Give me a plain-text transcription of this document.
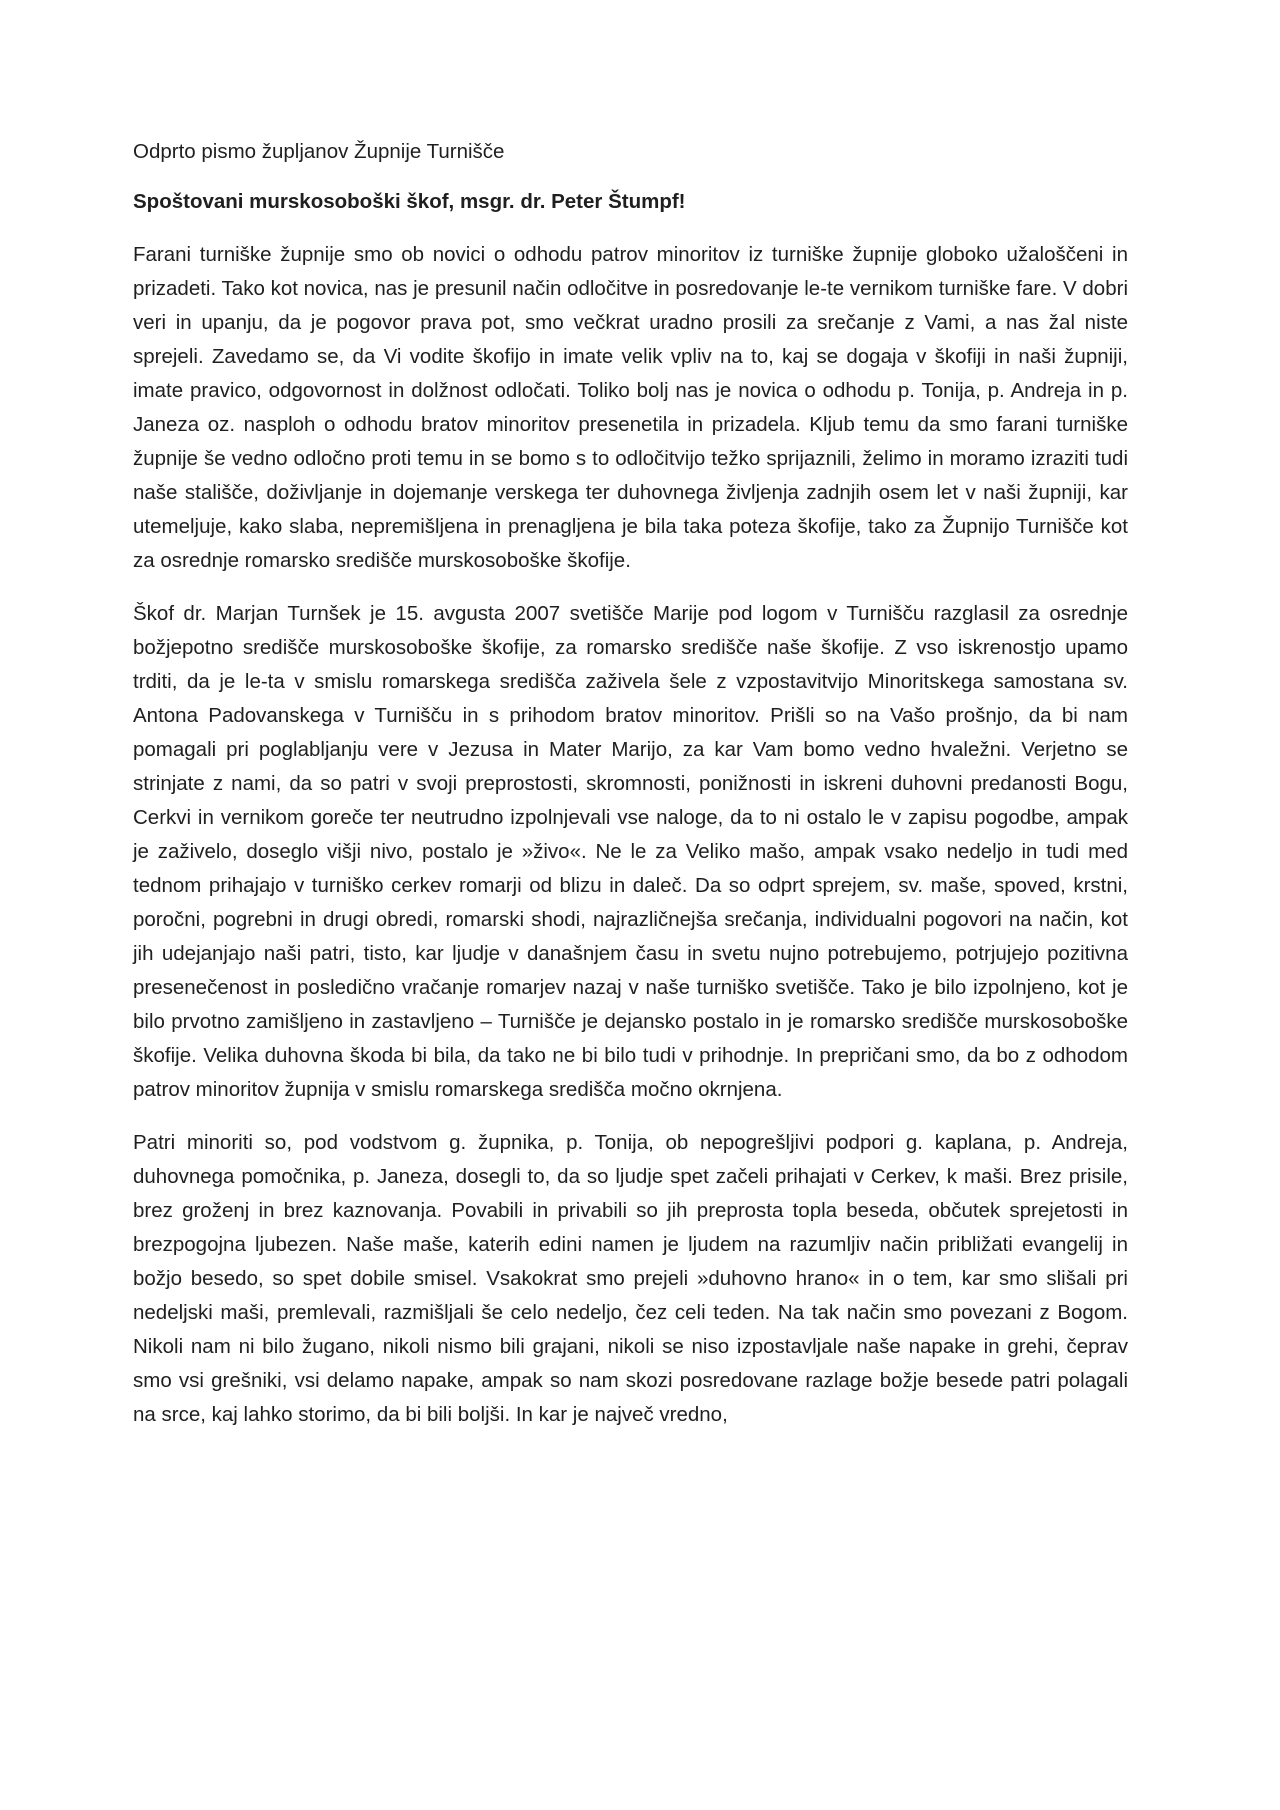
Odprto pismo župljanov Župnije Turnišče
Spoštovani murskosoboški škof, msgr. dr. Peter Štumpf!

Farani turniške župnije smo ob novici o odhodu patrov minoritov iz turniške župnije globoko užaloščeni in prizadeti. Tako kot novica, nas je presunil način odločitve in posredovanje le-te vernikom turniške fare. V dobri veri in upanju, da je pogovor prava pot, smo večkrat uradno prosili za srečanje z Vami, a nas žal niste sprejeli. Zavedamo se, da Vi vodite škofijo in imate velik vpliv na to, kaj se dogaja v škofiji in naši župniji, imate pravico, odgovornost in dolžnost odločati. Toliko bolj nas je novica o odhodu p. Tonija, p. Andreja in p. Janeza oz. nasploh o odhodu bratov minoritov presenetila in prizadela. Kljub temu da smo farani turniške župnije še vedno odločno proti temu in se bomo s to odločitvijo težko sprijaznili, želimo in moramo izraziti tudi naše stališče, doživljanje in dojemanje verskega ter duhovnega življenja zadnjih osem let v naši župniji, kar utemeljuje, kako slaba, nepremišljena in prenagljena je bila taka poteza škofije, tako za Župnijo Turnišče kot za osrednje romarsko središče murskosoboške škofije.

Škof dr. Marjan Turnšek je 15. avgusta 2007 svetišče Marije pod logom v Turnišču razglasil za osrednje božjepotno središče murskosoboške škofije, za romarsko središče naše škofije. Z vso iskrenostjo upamo trditi, da je le-ta v smislu romarskega središča zaživela šele z vzpostavitvijo Minoritskega samostana sv. Antona Padovanskega v Turnišču in s prihodom bratov minoritov. Prišli so na Vašo prošnjo, da bi nam pomagali pri poglabljanju vere v Jezusa in Mater Marijo, za kar Vam bomo vedno hvaležni. Verjetno se strinjate z nami, da so patri v svoji preprostosti, skromnosti, ponižnosti in iskreni duhovni predanosti Bogu, Cerkvi in vernikom goreče ter neutrudno izpolnjevali vse naloge, da to ni ostalo le v zapisu pogodbe, ampak je zaživelo, doseglo višji nivo, postalo je »živo«. Ne le za Veliko mašo, ampak vsako nedeljo in tudi med tednom prihajajo v turniško cerkev romarji od blizu in daleč. Da so odprt sprejem, sv. maše, spoved, krstni, poročni, pogrebni in drugi obredi, romarski shodi, najrazličnejša srečanja, individualni pogovori na način, kot jih udejanjajo naši patri, tisto, kar ljudje v današnjem času in svetu nujno potrebujemo, potrjujejo pozitivna presenečenost in posledično vračanje romarjev nazaj v naše turniško svetišče. Tako je bilo izpolnjeno, kot je bilo prvotno zamišljeno in zastavljeno – Turnišče je dejansko postalo in je romarsko središče murskosoboške škofije. Velika duhovna škoda bi bila, da tako ne bi bilo tudi v prihodnje. In prepričani smo, da bo z odhodom patrov minoritov župnija v smislu romarskega središča močno okrnjena.

Patri minoriti so, pod vodstvom g. župnika, p. Tonija, ob nepogrešljivi podpori g. kaplana, p. Andreja, duhovnega pomočnika, p. Janeza, dosegli to, da so ljudje spet začeli prihajati v Cerkev, k maši. Brez prisile, brez groženj in brez kaznovanja. Povabili in privabili so jih preprosta topla beseda, občutek sprejetosti in brezpogojna ljubezen. Naše maše, katerih edini namen je ljudem na razumljiv način približati evangelij in božjo besedo, so spet dobile smisel. Vsakokrat smo prejeli »duhovno hrano« in o tem, kar smo slišali pri nedeljski maši, premlevali, razmišljali še celo nedeljo, čez celi teden. Na tak način smo povezani z Bogom. Nikoli nam ni bilo žugano, nikoli nismo bili grajani, nikoli se niso izpostavljale naše napake in grehi, čeprav smo vsi grešniki, vsi delamo napake, ampak so nam skozi posredovane razlage božje besede patri polagali na srce, kaj lahko storimo, da bi bili boljši. In kar je največ vredno,
